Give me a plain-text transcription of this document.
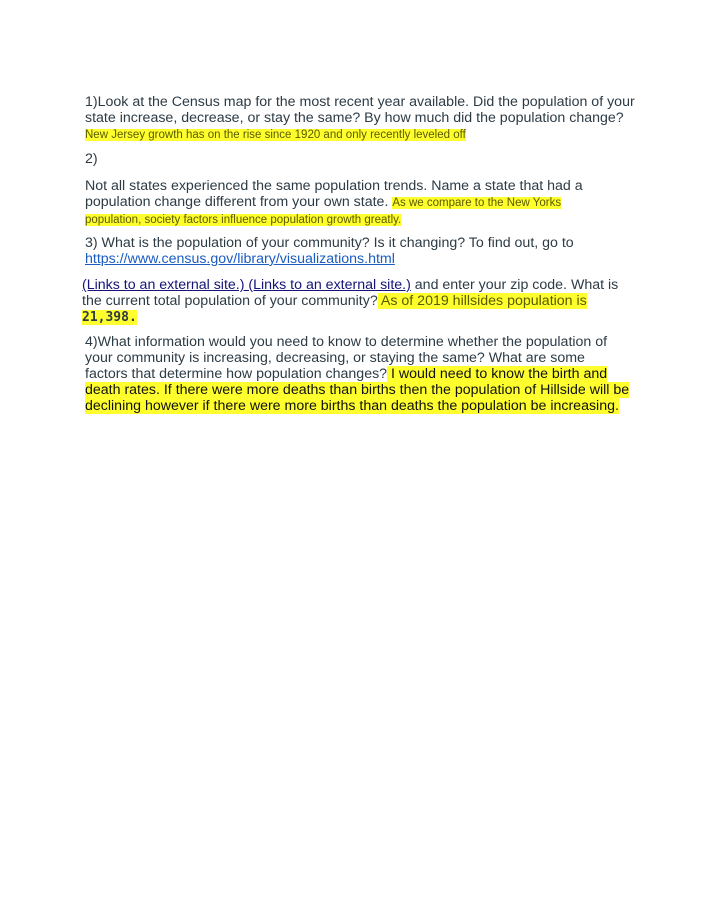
1)Look at the Census map for the most recent year available. Did the population of your state increase, decrease, or stay the same? By how much did the population change?
New Jersey growth has on the rise since 1920 and only recently leveled off

2)

Not all states experienced the same population trends. Name a state that had a population change different from your own state. As we compare to the New Yorks population, society factors influence population growth greatly.

3) What is the population of your community? Is it changing? To find out, go to
https://www.census.gov/library/visualizations.html

(Links to an external site.) (Links to an external site.) and enter your zip code. What is the current total population of your community? As of 2019 hillsides population is
21,398.

4)What information would you need to know to determine whether the population of your community is increasing, decreasing, or staying the same? What are some factors that determine how population changes? I would need to know the birth and death rates. If there were more deaths than births then the population of Hillside will be declining however if there were more births than deaths the population be increasing.
